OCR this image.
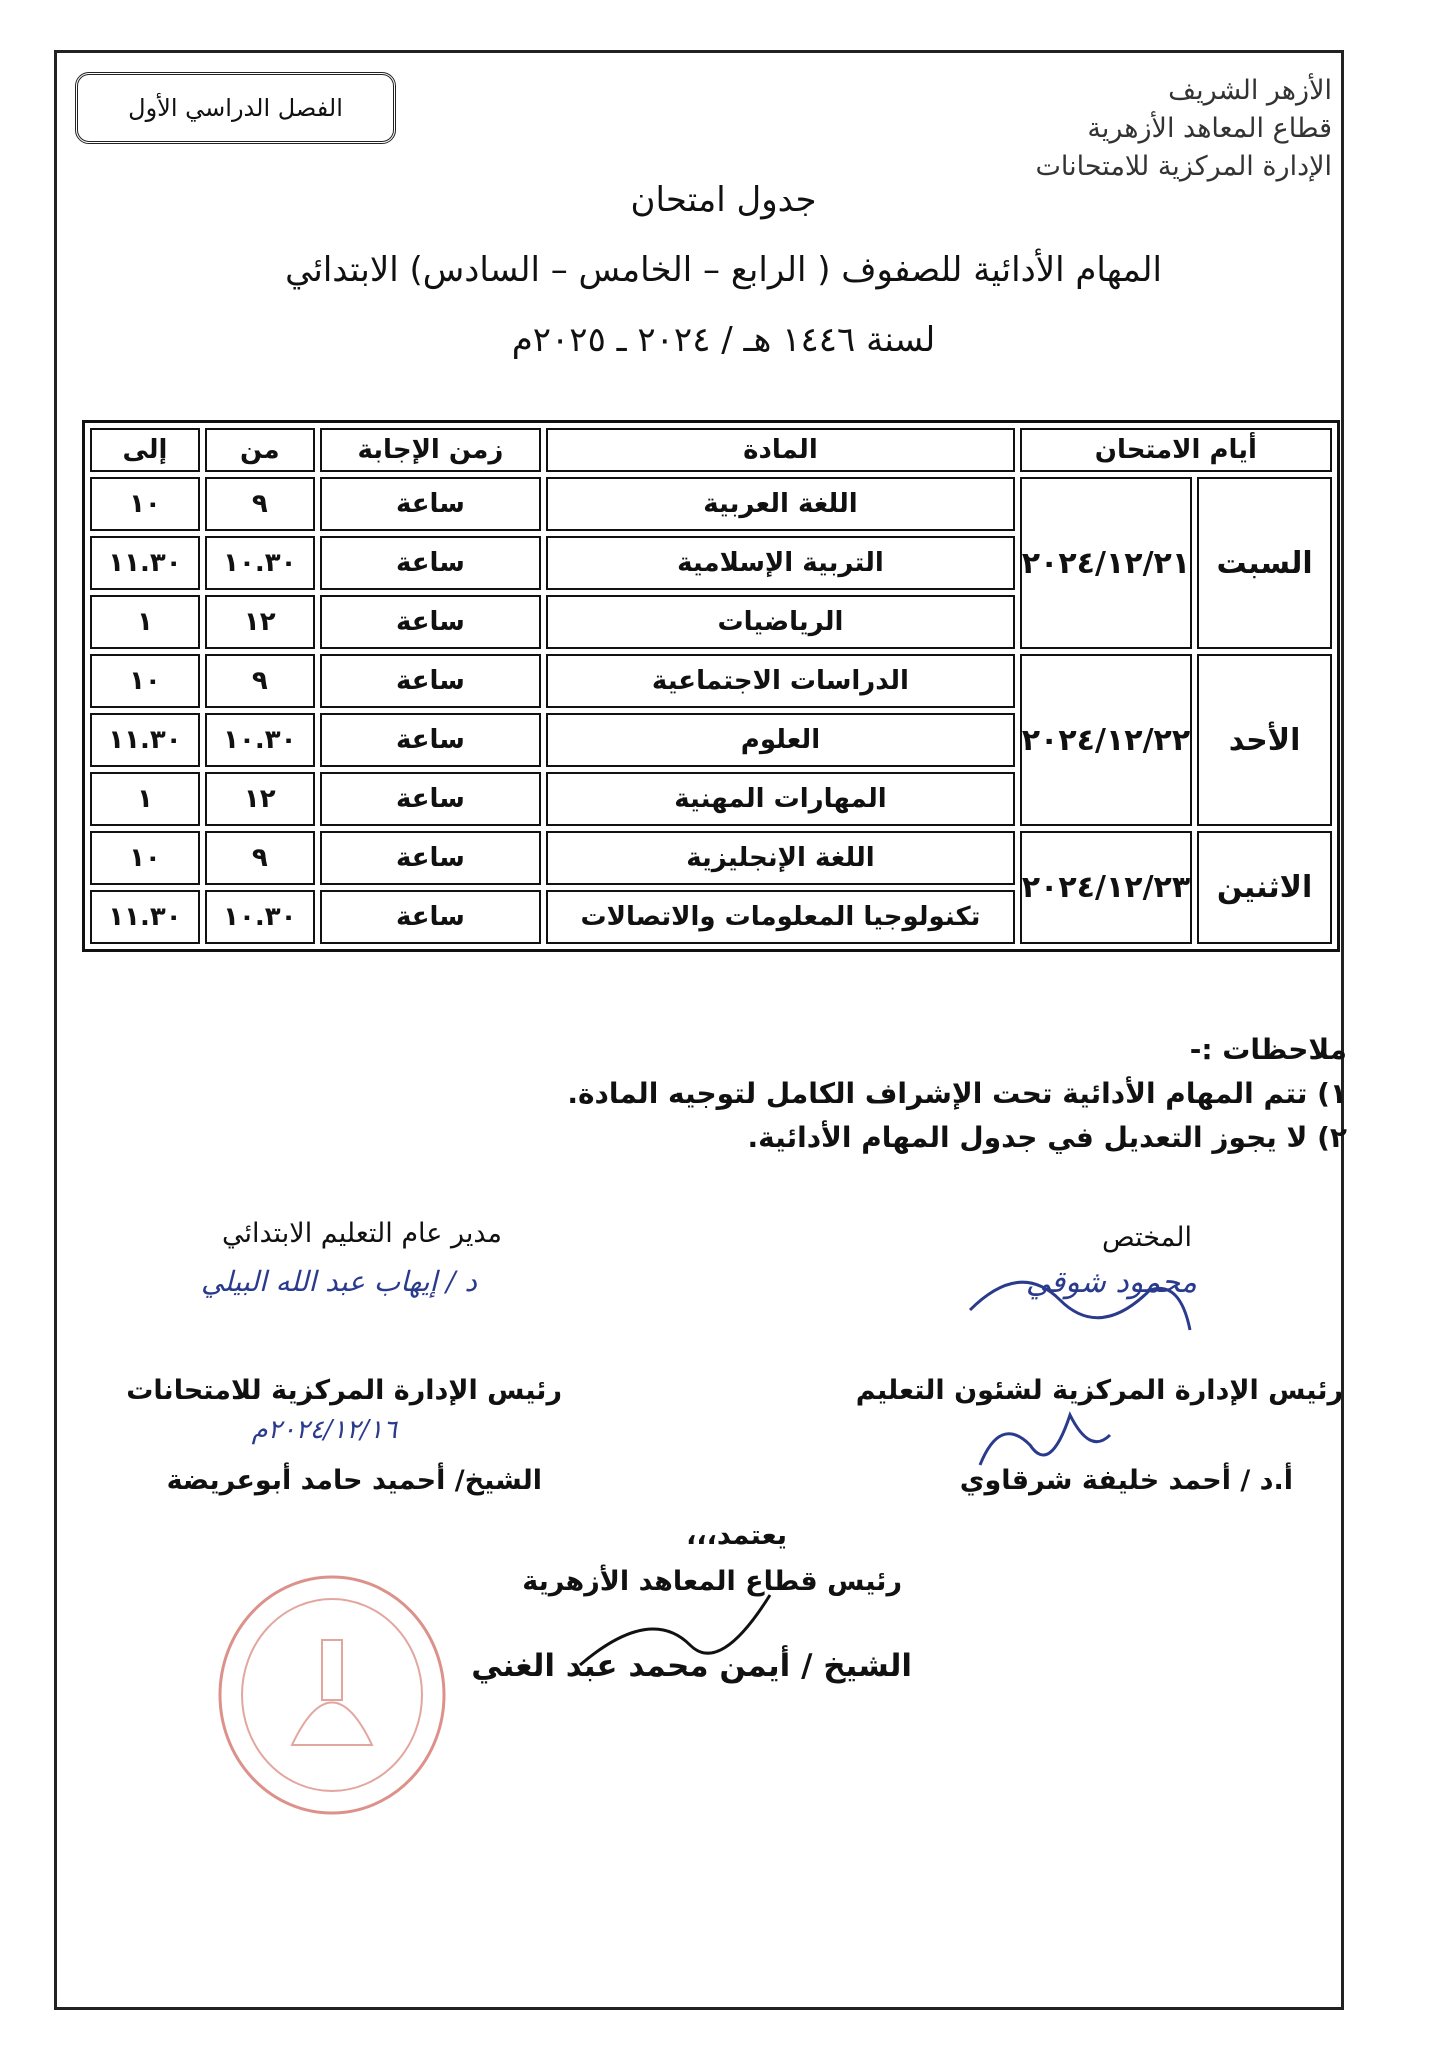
الأزهر الشريف
قطاع المعاهد الأزهرية
الإدارة المركزية للامتحانات
الفصل الدراسي الأول
جدول امتحان
المهام الأدائية للصفوف ( الرابع – الخامس – السادس) الابتدائي
لسنة ١٤٤٦ هـ / ٢٠٢٤ ـ ٢٠٢٥م
أيام الامتحان		المادة	زمن الإجابة	من	إلى
السبت	٢٠٢٤/١٢/٢١	اللغة العربية	ساعة	٩	١٠
		التربية الإسلامية	ساعة	١٠.٣٠	١١.٣٠
		الرياضيات	ساعة	١٢	١
الأحد	٢٠٢٤/١٢/٢٢	الدراسات الاجتماعية	ساعة	٩	١٠
		العلوم	ساعة	١٠.٣٠	١١.٣٠
		المهارات المهنية	ساعة	١٢	١
الاثنين	٢٠٢٤/١٢/٢٣	اللغة الإنجليزية	ساعة	٩	١٠
		تكنولوجيا المعلومات والاتصالات	ساعة	١٠.٣٠	١١.٣٠
ملاحظات :-
١) تتم المهام الأدائية تحت الإشراف الكامل لتوجيه المادة.
٢) لا يجوز التعديل في جدول المهام الأدائية.
المختص
محمود شوقي
مدير عام التعليم الابتدائي
د / إيهاب عبد الله البيلي
رئيس الإدارة المركزية لشئون التعليم
أ.د / أحمد خليفة شرقاوي
رئيس الإدارة المركزية للامتحانات
٢٠٢٤/١٢/١٦م
الشيخ/ أحميد حامد أبوعريضة
يعتمد،،،
رئيس قطاع المعاهد الأزهرية
الشيخ / أيمن محمد عبد الغني
